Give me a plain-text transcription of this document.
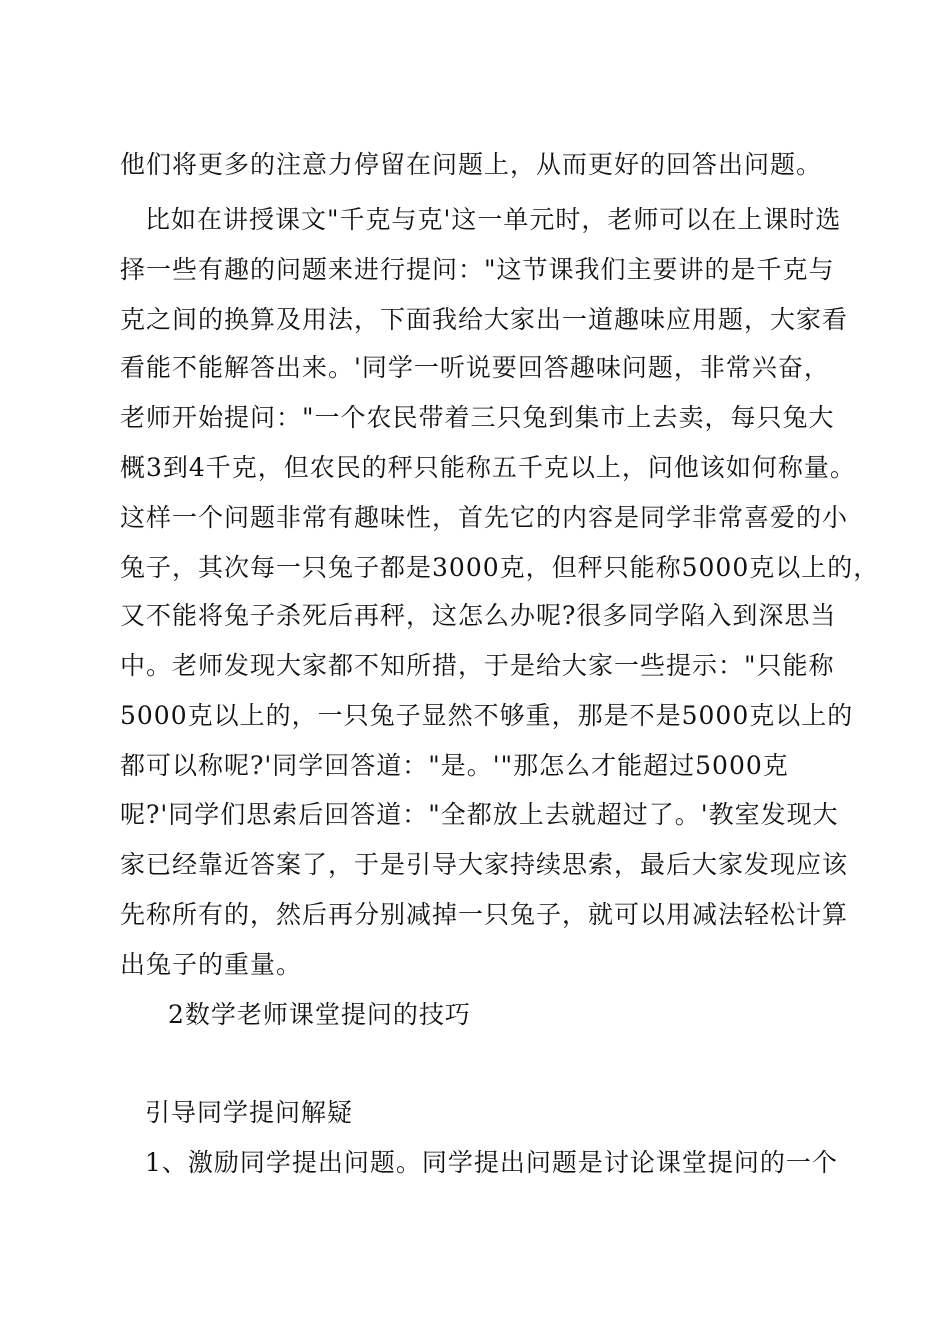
他们将更多的注意力停留在问题上，从而更好的回答出问题。
比如在讲授课文"千克与克'这一单元时，老师可以在上课时选
择一些有趣的问题来进行提问："这节课我们主要讲的是千克与
克之间的换算及用法，下面我给大家出一道趣味应用题，大家看
看能不能解答出来。'同学一听说要回答趣味问题，非常兴奋，
老师开始提问："一个农民带着三只兔到集市上去卖，每只兔大
概3到4千克，但农民的秤只能称五千克以上，问他该如何称量。
这样一个问题非常有趣味性，首先它的内容是同学非常喜爱的小
兔子，其次每一只兔子都是3000克，但秤只能称5000克以上的，
又不能将兔子杀死后再秤，这怎么办呢?很多同学陷入到深思当
中。老师发现大家都不知所措，于是给大家一些提示："只能称
5000克以上的，一只兔子显然不够重，那是不是5000克以上的
都可以称呢?'同学回答道："是。'"那怎么才能超过5000克
呢?'同学们思索后回答道："全都放上去就超过了。'教室发现大
家已经靠近答案了，于是引导大家持续思索，最后大家发现应该
先称所有的，然后再分别减掉一只兔子，就可以用减法轻松计算
出兔子的重量。
2数学老师课堂提问的技巧
引导同学提问解疑
1、激励同学提出问题。同学提出问题是讨论课堂提问的一个
